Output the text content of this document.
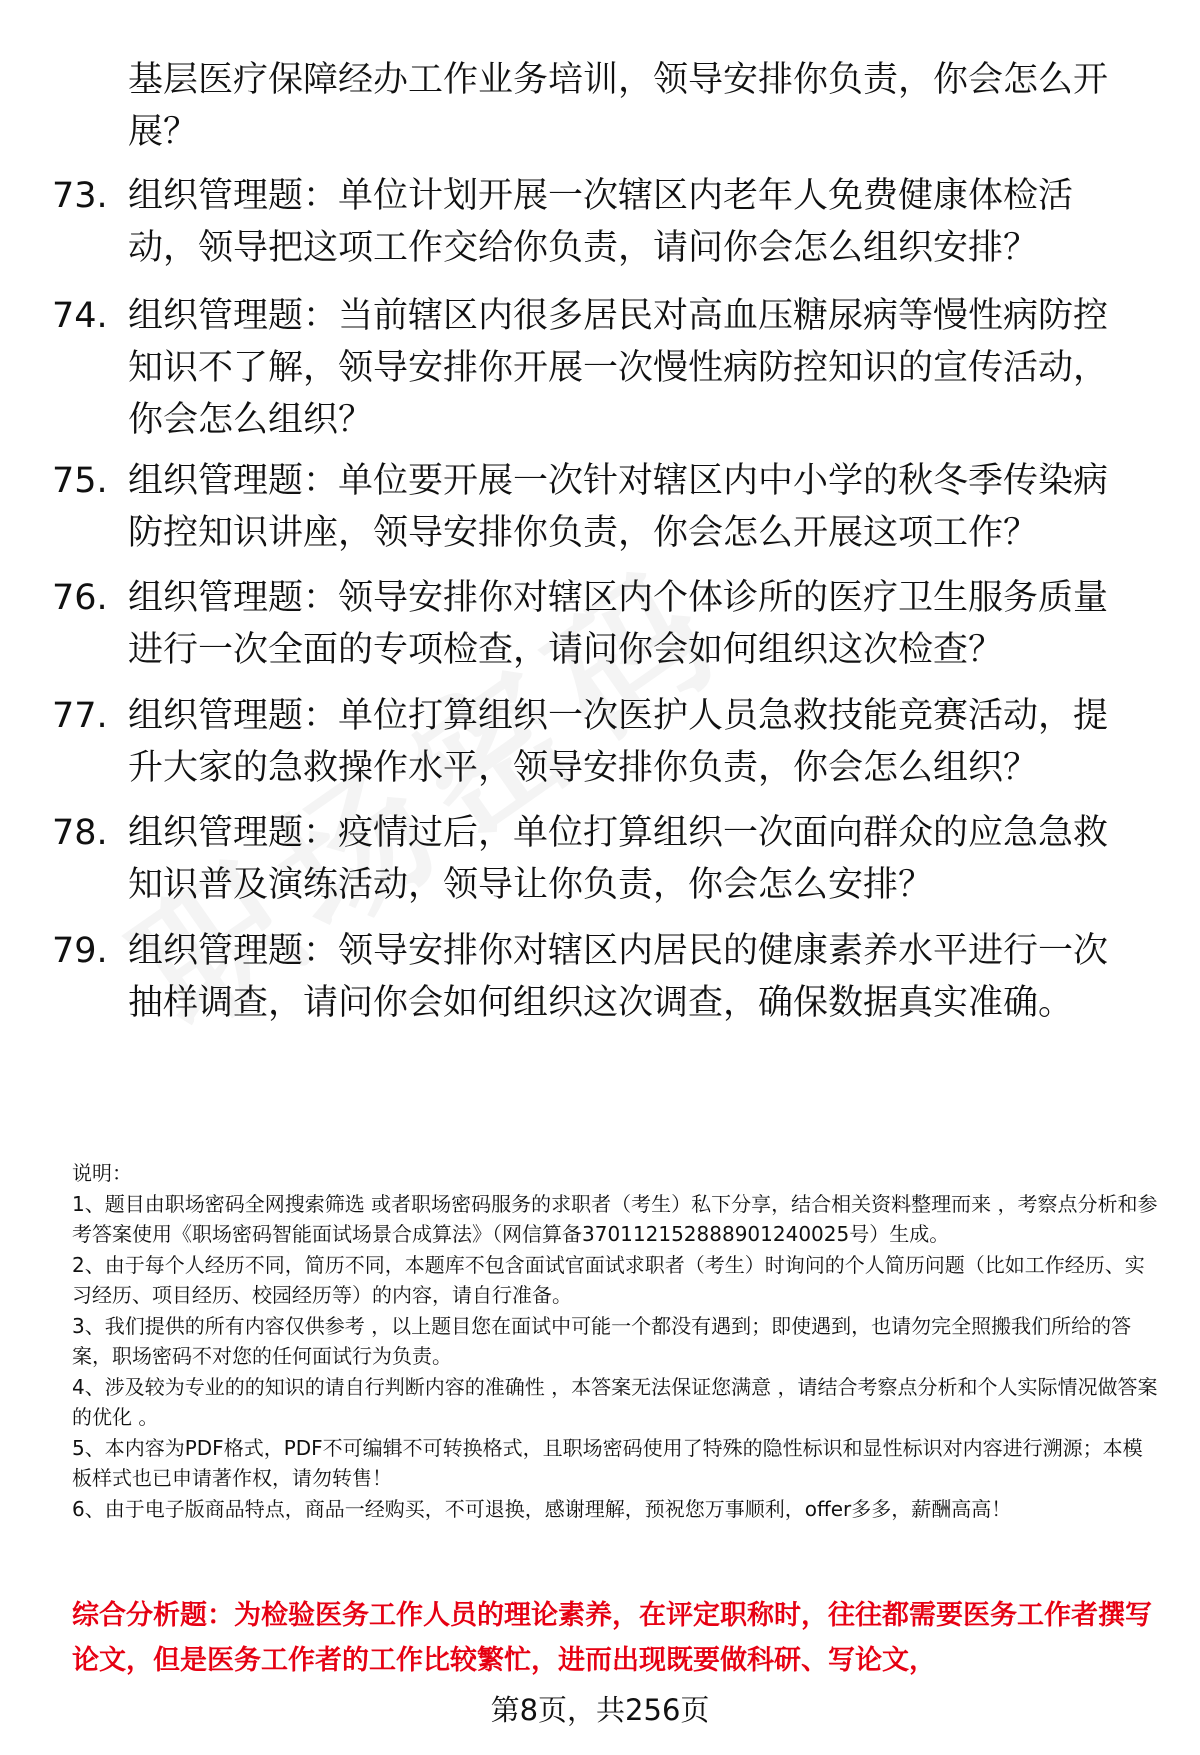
基层医疗保障经办工作业务培训，领导安排你负责，你会怎么开展？
73. 组织管理题：单位计划开展一次辖区内老年人免费健康体检活动，领导把这项工作交给你负责，请问你会怎么组织安排？
74. 组织管理题：当前辖区内很多居民对高血压糖尿病等慢性病防控知识不了解，领导安排你开展一次慢性病防控知识的宣传活动，你会怎么组织？
75. 组织管理题：单位要开展一次针对辖区内中小学的秋冬季传染病防控知识讲座，领导安排你负责，你会怎么开展这项工作？
76. 组织管理题：领导安排你对辖区内个体诊所的医疗卫生服务质量进行一次全面的专项检查，请问你会如何组织这次检查？
77. 组织管理题：单位打算组织一次医护人员急救技能竞赛活动，提升大家的急救操作水平，领导安排你负责，你会怎么组织？
78. 组织管理题：疫情过后，单位打算组织一次面向群众的应急急救知识普及演练活动，领导让你负责，你会怎么安排？
79. 组织管理题：领导安排你对辖区内居民的健康素养水平进行一次抽样调查，请问你会如何组织这次调查，确保数据真实准确。

说明：

1、题目由职场密码全网搜索筛选 或者职场密码服务的求职者（考生）私下分享，结合相关资料整理而来 ，考察点分析和参考答案使用《职场密码智能面试场景合成算法》（网信算备370112152888901240025号）生成。

2、由于每个人经历不同，简历不同，本题库不包含面试官面试求职者（考生）时询问的个人简历问题（比如工作经历、实习经历、项目经历、校园经历等）的内容，请自行准备。

3、我们提供的所有内容仅供参考 ，以上题目您在面试中可能一个都没有遇到；即使遇到，也请勿完全照搬我们所给的答案，职场密码不对您的任何面试行为负责。

4、涉及较为专业的的知识的请自行判断内容的准确性 ，本答案无法保证您满意 ，请结合考察点分析和个人实际情况做答案的优化 。

5、本内容为PDF格式，PDF不可编辑不可转换格式，且职场密码使用了特殊的隐性标识和显性标识对内容进行溯源；本模板样式也已申请著作权，请勿转售！

6、由于电子版商品特点，商品一经购买，不可退换，感谢理解，预祝您万事顺利，offer多多，薪酬高高！

综合分析题：为检验医务工作人员的理论素养，在评定职称时，往往都需要医务工作者撰写论文，但是医务工作者的工作比较繁忙，进而出现既要做科研、写论文，
第8页，共256页
